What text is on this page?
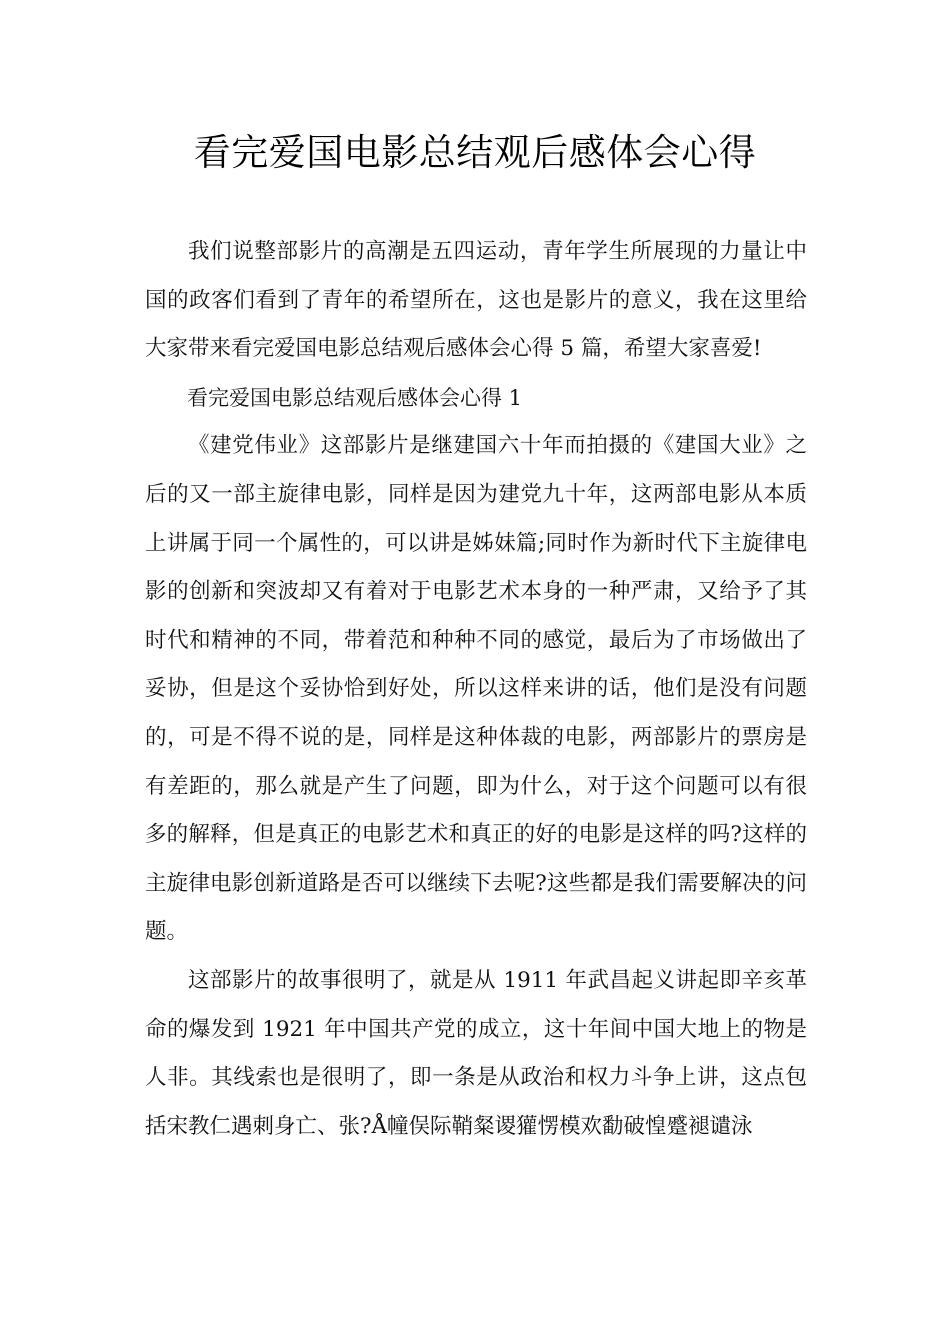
看完爱国电影总结观后感体会心得

我们说整部影片的高潮是五四运动，青年学生所展现的力量让中国的政客们看到了青年的希望所在，这也是影片的意义，我在这里给大家带来看完爱国电影总结观后感体会心得 5 篇，希望大家喜爱!

看完爱国电影总结观后感体会心得 1

《建党伟业》这部影片是继建国六十年而拍摄的《建国大业》之后的又一部主旋律电影，同样是因为建党九十年，这两部电影从本质上讲属于同一个属性的，可以讲是姊妹篇;同时作为新时代下主旋律电影的创新和突波却又有着对于电影艺术本身的一种严肃，又给予了其时代和精神的不同，带着范和种种不同的感觉，最后为了市场做出了妥协，但是这个妥协恰到好处，所以这样来讲的话，他们是没有问题的，可是不得不说的是，同样是这种体裁的电影，两部影片的票房是有差距的，那么就是产生了问题，即为什么，对于这个问题可以有很多的解释，但是真正的电影艺术和真正的好的电影是这样的吗?这样的主旋律电影创新道路是否可以继续下去呢?这些都是我们需要解决的问题。

这部影片的故事很明了，就是从 1911 年武昌起义讲起即辛亥革命的爆发到 1921 年中国共产党的成立，这十年间中国大地上的物是人非。其线索也是很明了，即一条是从政治和权力斗争上讲，这点包括宋教仁遇刺身亡、张?Å幢俣际鞘粲谡獾愣模欢勫破惶蹙褪谴泳
